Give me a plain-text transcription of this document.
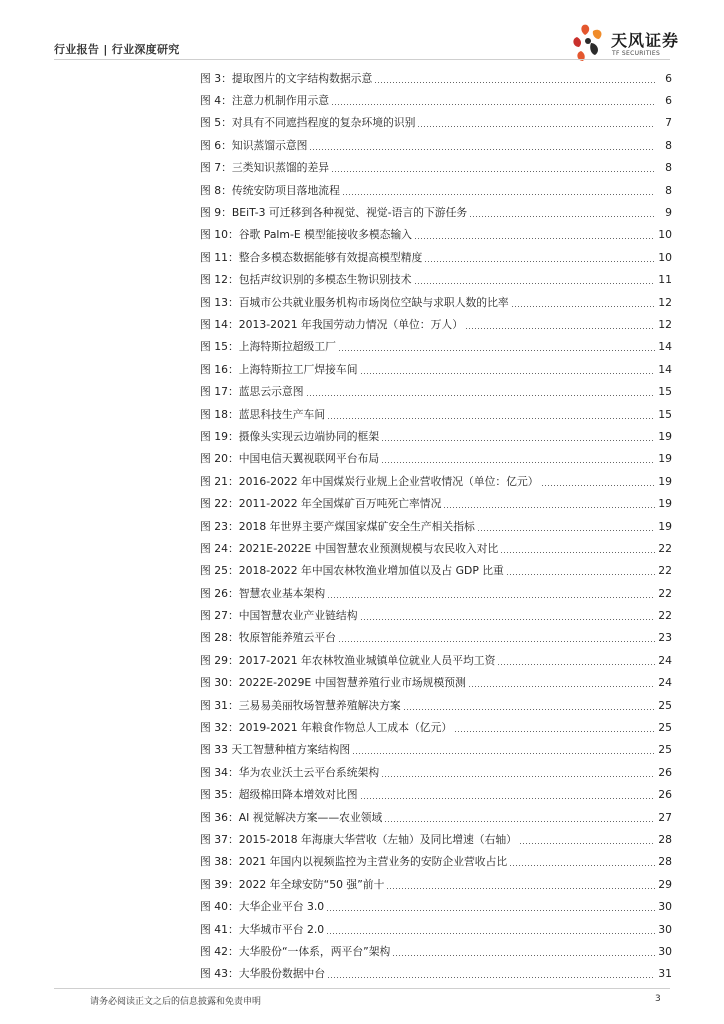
行业报告 | 行业深度研究	天风证券
TF SECURITIES
图 3：提取图片的文字结构数据示意	6
图 4：注意力机制作用示意	6
图 5：对具有不同遮挡程度的复杂环境的识别	7
图 6：知识蒸馏示意图	8
图 7：三类知识蒸馏的差异	8
图 8：传统安防项目落地流程	8
图 9：BEiT-3 可迁移到各种视觉、视觉-语言的下游任务	9
图 10：谷歌 Palm-E 模型能接收多模态输入	10
图 11：整合多模态数据能够有效提高模型精度	10
图 12：包括声纹识别的多模态生物识别技术	11
图 13：百城市公共就业服务机构市场岗位空缺与求职人数的比率	12
图 14：2013-2021 年我国劳动力情况（单位：万人）	12
图 15：上海特斯拉超级工厂	14
图 16：上海特斯拉工厂焊接车间	14
图 17：蓝思云示意图	15
图 18：蓝思科技生产车间	15
图 19：摄像头实现云边端协同的框架	19
图 20：中国电信天翼视联网平台布局	19
图 21：2016-2022 年中国煤炭行业规上企业营收情况（单位：亿元）	19
图 22：2011-2022 年全国煤矿百万吨死亡率情况	19
图 23：2018 年世界主要产煤国家煤矿安全生产相关指标	19
图 24：2021E-2022E 中国智慧农业预测规模与农民收入对比	22
图 25：2018-2022 年中国农林牧渔业增加值以及占 GDP 比重	22
图 26：智慧农业基本架构	22
图 27：中国智慧农业产业链结构	22
图 28：牧原智能养殖云平台	23
图 29：2017-2021 年农林牧渔业城镇单位就业人员平均工资	24
图 30：2022E-2029E 中国智慧养殖行业市场规模预测	24
图 31：三易易美丽牧场智慧养殖解决方案	25
图 32：2019-2021 年粮食作物总人工成本（亿元）	25
图 33 天工智慧种植方案结构图	25
图 34：华为农业沃土云平台系统架构	26
图 35：超级棉田降本增效对比图	26
图 36：AI 视觉解决方案——农业领域	27
图 37：2015-2018 年海康大华营收（左轴）及同比增速（右轴）	28
图 38：2021 年国内以视频监控为主营业务的安防企业营收占比	28
图 39：2022 年全球安防“50 强”前十	29
图 40：大华企业平台 3.0	30
图 41：大华城市平台 2.0	30
图 42：大华股份“一体系，两平台”架构	30
图 43：大华股份数据中台	31
请务必阅读正文之后的信息披露和免责申明	3
